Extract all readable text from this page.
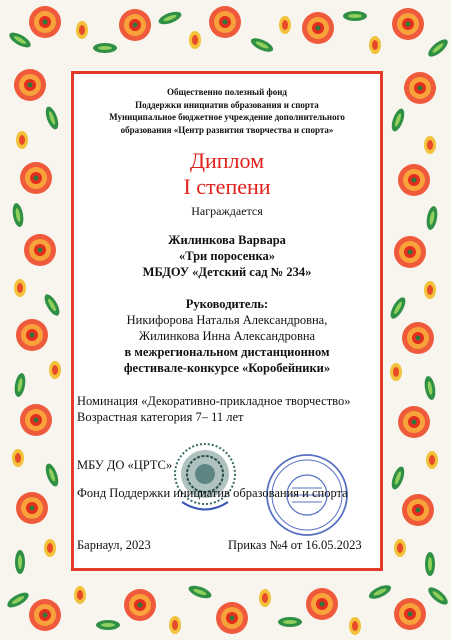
Общественно полезный фонд
Поддержки инициатив образования и спорта
Муниципальное бюджетное учреждение дополнительного
образования «Центр развития творчества и спорта»
Диплом
I степени
Награждается
Жилинкова Варвара
«Три поросенка»
МБДОУ «Детский сад № 234»
Руководитель:
Никифорова Наталья Александровна,
Жилинкова Инна Александровна
в межрегиональном дистанционном
фестивале-конкурсе «Коробейники»
Номинация «Декоративно-прикладное творчество»
Возрастная категория 7– 11 лет
МБУ ДО «ЦРТС»
Фонд Поддержки инициатив образования и спорта
Барнаул, 2023	Приказ №4 от 16.05.2023
